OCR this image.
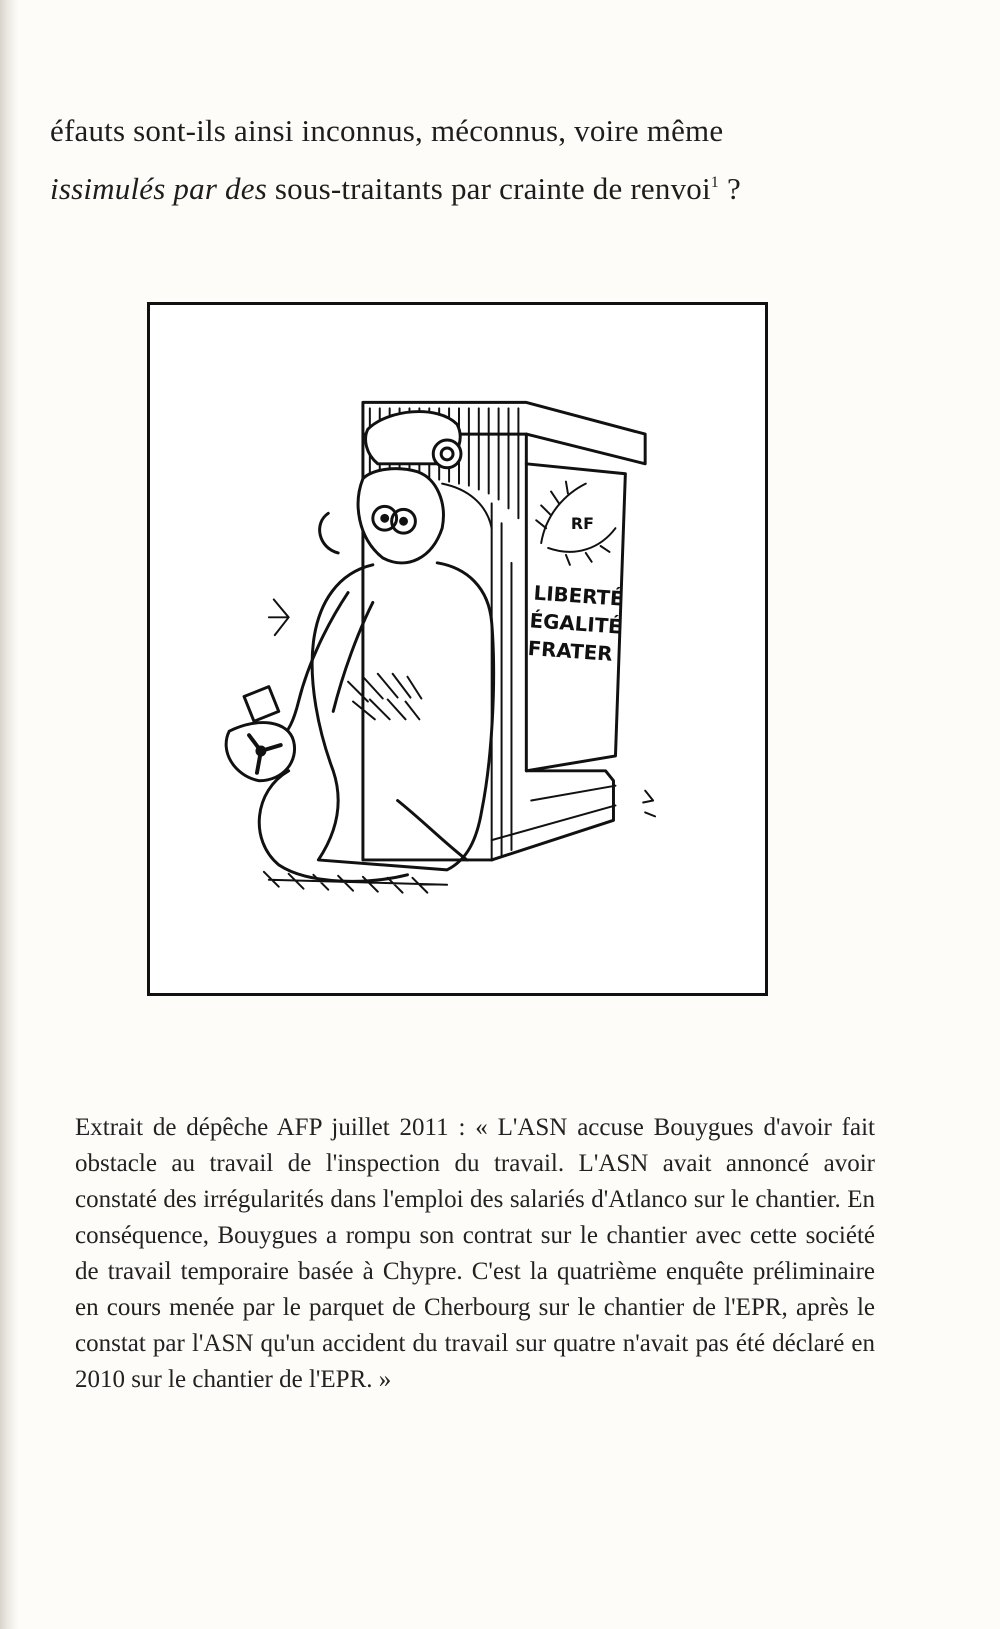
éfauts sont-ils ainsi inconnus, méconnus, voire même
issimulés par des sous-traitants par crainte de renvoi$^1$ ?
RF
LIBERTÉ
ÉGALITÉ
FRATER
Extrait de dépêche AFP juillet 2011 : « L'ASN accuse Bouygues d'avoir fait obstacle au travail de l'inspection du travail. L'ASN avait annoncé avoir constaté des irrégularités dans l'emploi des salariés d'Atlanco sur le chantier. En conséquence, Bouygues a rompu son contrat sur le chantier avec cette société de travail temporaire basée à Chypre. C'est la quatrième enquête préliminaire en cours menée par le parquet de Cherbourg sur le chantier de l'EPR, après le constat par l'ASN qu'un accident du travail sur quatre n'avait pas été déclaré en 2010 sur le chantier de l'EPR. »
